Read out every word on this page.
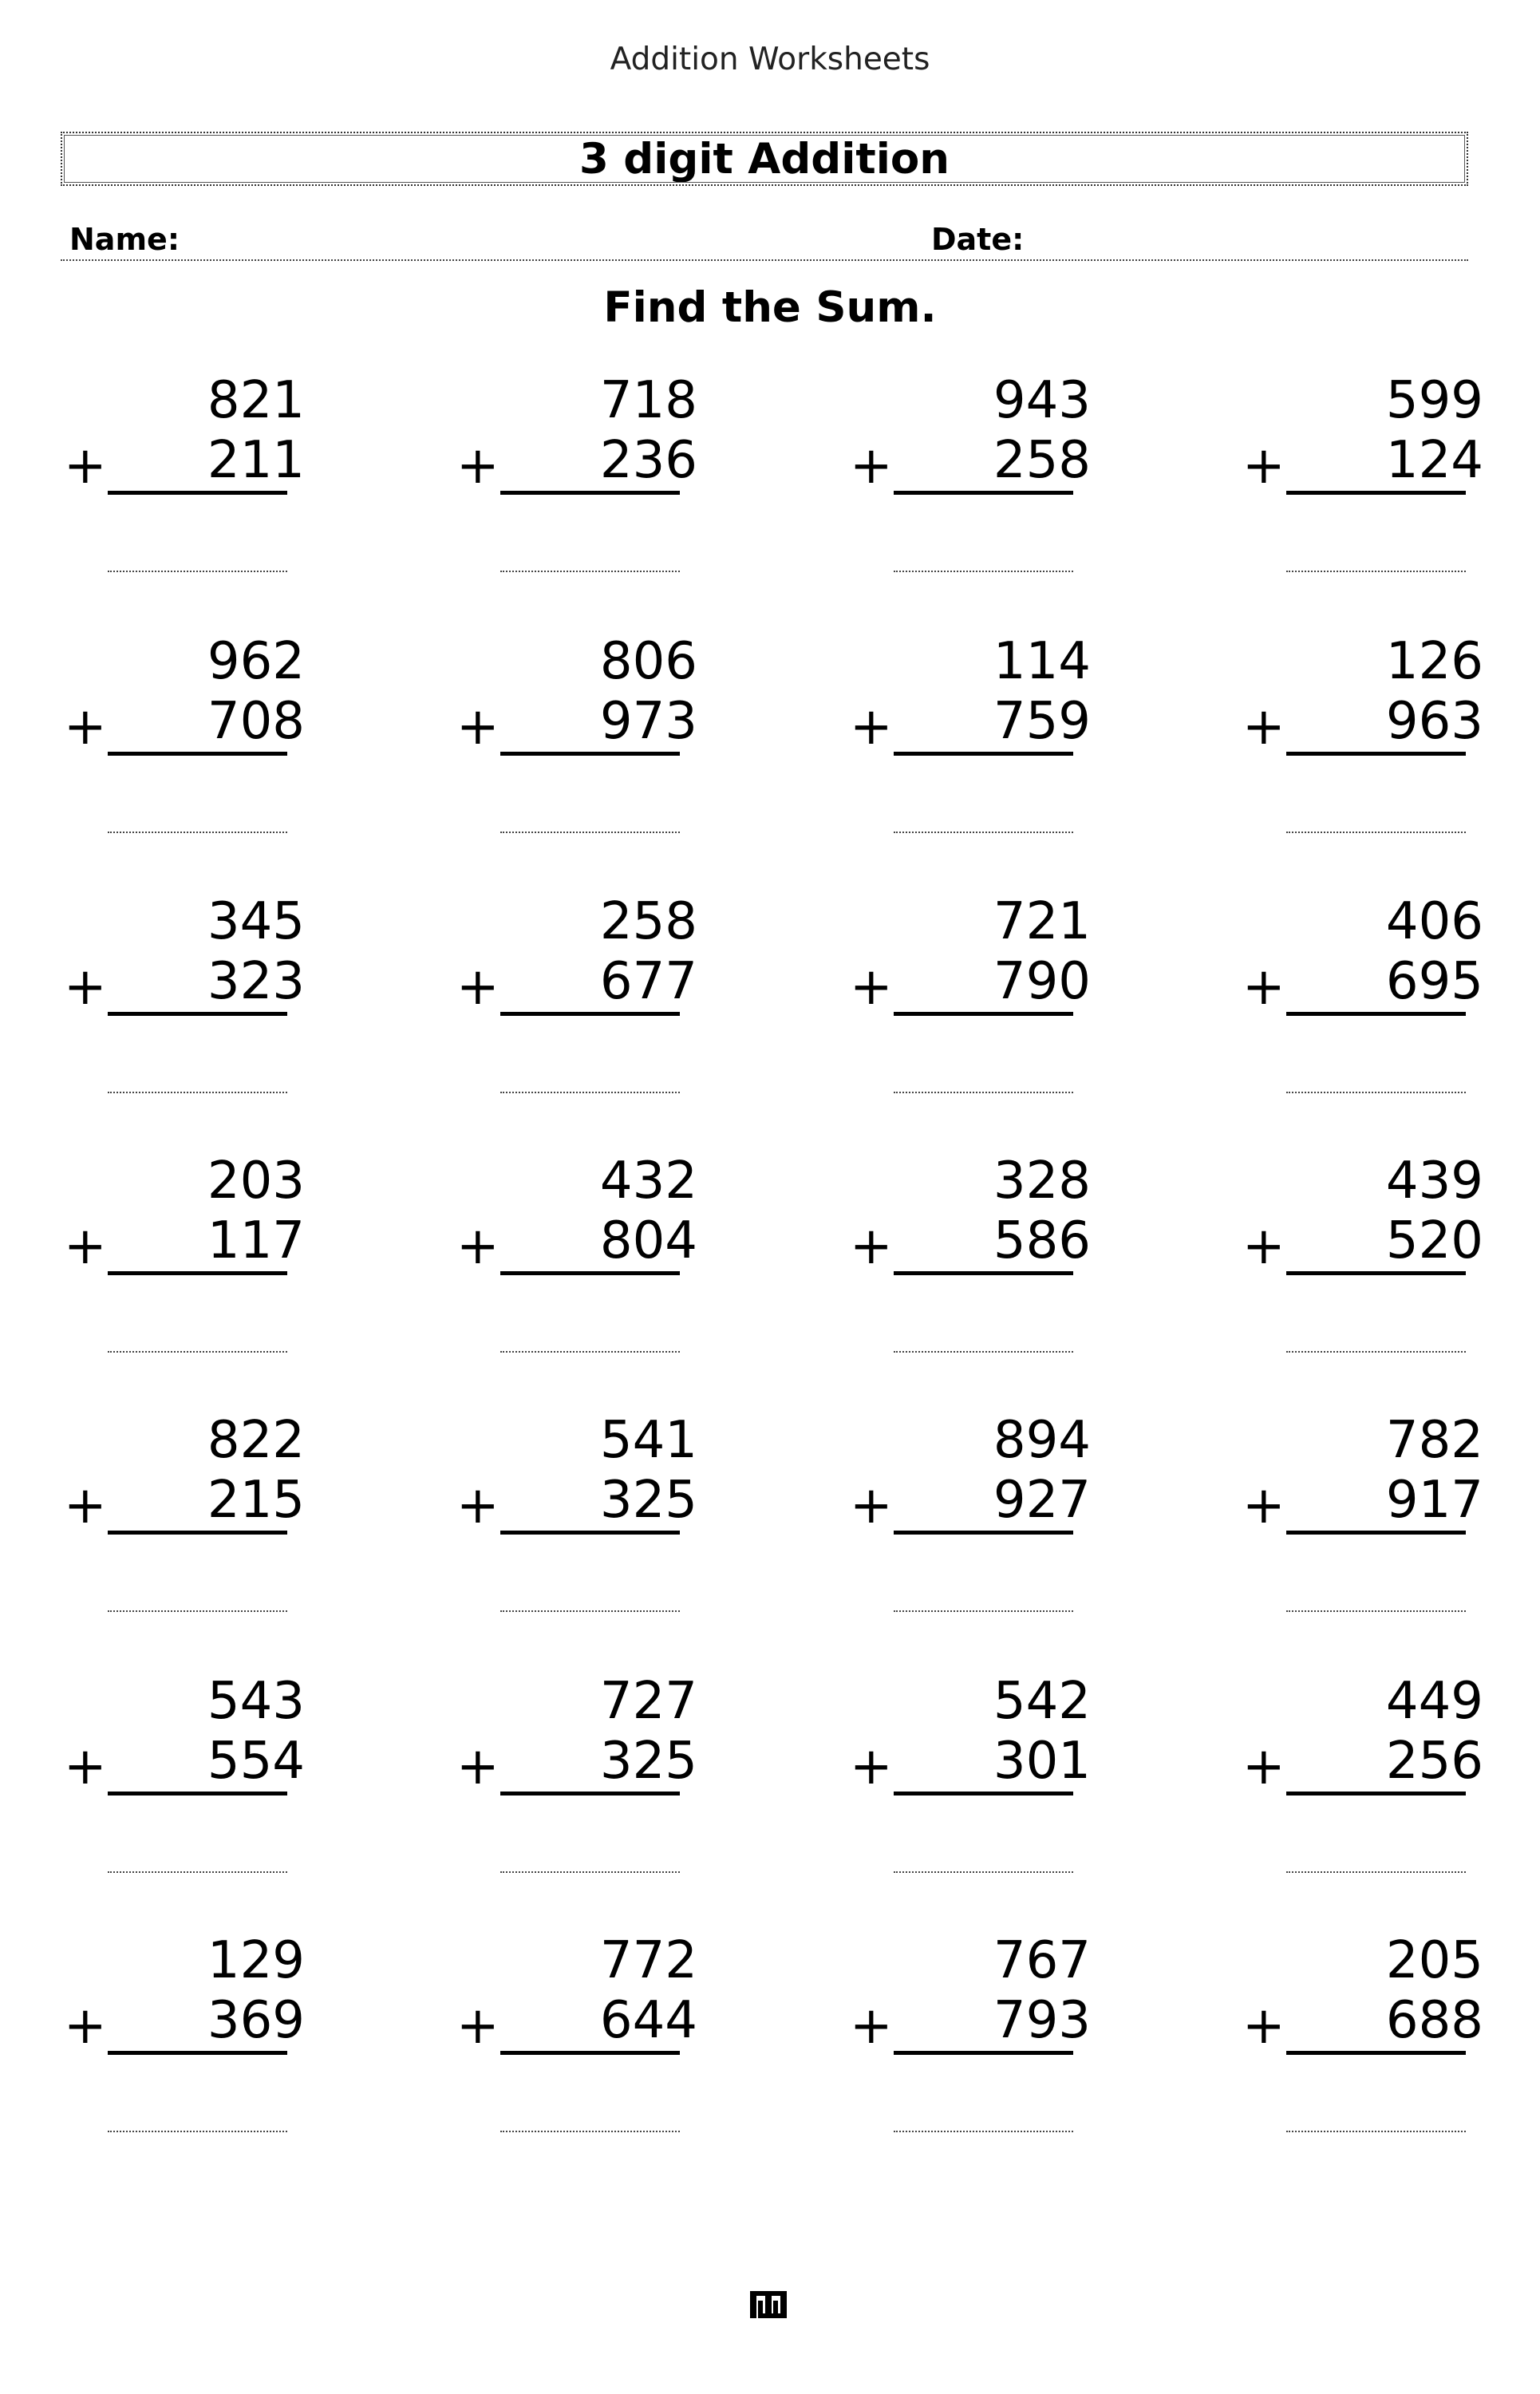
Addition Worksheets
3 digit Addition
Name:	Date:
Find the Sum.
821
+	211
718
+	236
943
+	258
599
+	124
962
+	708
806
+	973
114
+	759
126
+	963
345
+	323
258
+	677
721
+	790
406
+	695
203
+	117
432
+	804
328
+	586
439
+	520
822
+	215
541
+	325
894
+	927
782
+	917
543
+	554
727
+	325
542
+	301
449
+	256
129
+	369
772
+	644
767
+	793
205
+	688
